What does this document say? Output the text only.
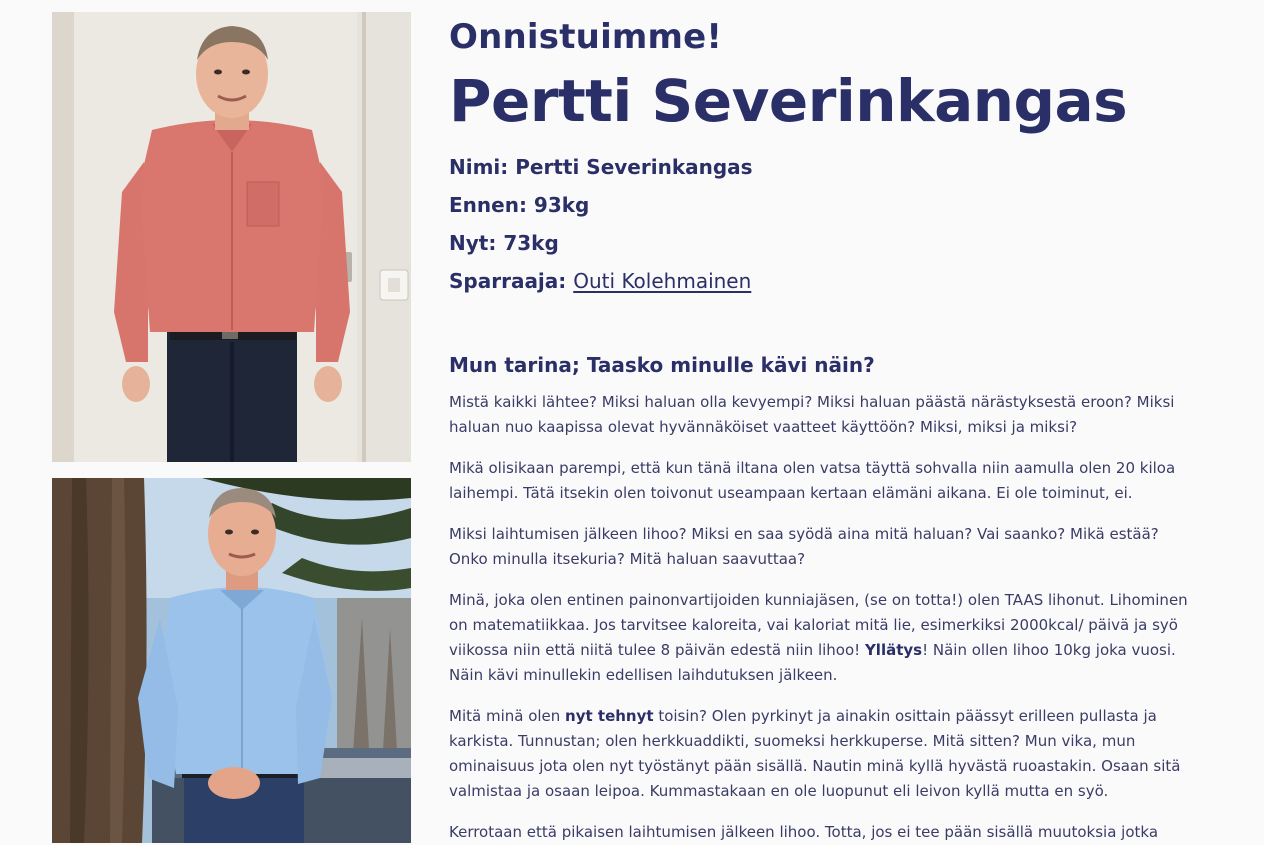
Onnistuimme!
Pertti Severinkangas
Nimi: Pertti Severinkangas
Ennen: 93kg
Nyt: 73kg
Sparraaja: Outi Kolehmainen
Mun tarina; Taasko minulle kävi näin?

Mistä kaikki lähtee? Miksi haluan olla kevyempi? Miksi haluan päästä närästyksestä eroon? Miksi haluan nuo kaapissa olevat hyvännäköiset vaatteet käyttöön? Miksi, miksi ja miksi?

Mikä olisikaan parempi, että kun tänä iltana olen vatsa täyttä sohvalla niin aamulla olen 20 kiloa laihempi. Tätä itsekin olen toivonut useampaan kertaan elämäni aikana. Ei ole toiminut, ei.

Miksi laihtumisen jälkeen lihoo? Miksi en saa syödä aina mitä haluan? Vai saanko? Mikä estää? Onko minulla itsekuria? Mitä haluan saavuttaa?

Minä, joka olen entinen painonvartijoiden kunniajäsen, (se on totta!) olen TAAS lihonut. Lihominen on matematiikkaa. Jos tarvitsee kaloreita, vai kaloriat mitä lie, esimerkiksi 2000kcal/ päivä ja syö viikossa niin että niitä tulee 8 päivän edestä niin lihoo! Yllätys! Näin ollen lihoo 10kg joka vuosi. Näin kävi minullekin edellisen laihdutuksen jälkeen.

Mitä minä olen nyt tehnyt toisin? Olen pyrkinyt ja ainakin osittain päässyt erilleen pullasta ja karkista. Tunnustan; olen herkkuaddikti, suomeksi herkkuperse. Mitä sitten? Mun vika, mun ominaisuus jota olen nyt työstänyt pään sisällä. Nautin minä kyllä hyvästä ruoastakin. Osaan sitä valmistaa ja osaan leipoa. Kummastakaan en ole luopunut eli leivon kyllä mutta en syö.

Kerrotaan että pikaisen laihtumisen jälkeen lihoo. Totta, jos ei tee pään sisällä muutoksia jotka
